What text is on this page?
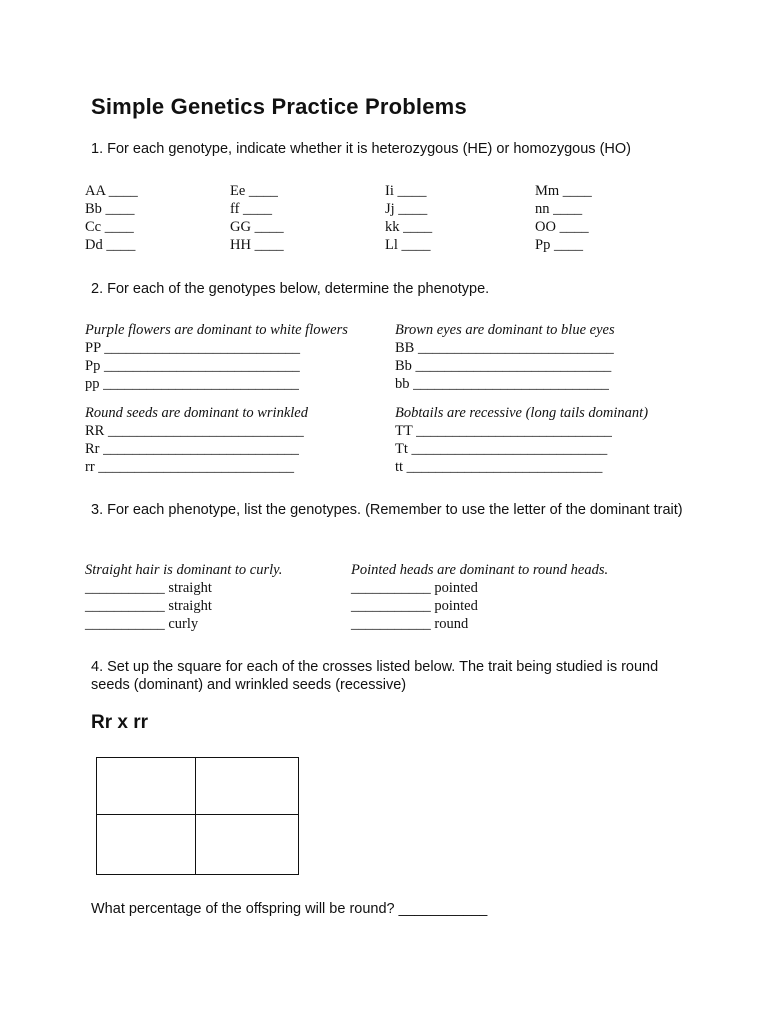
Simple Genetics Practice Problems
1. For each genotype, indicate whether it is heterozygous (HE) or homozygous (HO)
AA ____
Bb ____
Cc ____
Dd ____
Ee ____
ff ____
GG ____
HH ____
Ii ____
Jj ____
kk ____
Ll ____
Mm ____
nn ____
OO ____
Pp ____
2. For each of the genotypes below, determine the phenotype.
Purple flowers are dominant to white flowers
PP ___________________________
Pp ___________________________
pp ___________________________
Brown eyes are dominant to blue eyes
BB ___________________________
Bb ___________________________
bb ___________________________
Round seeds are dominant to wrinkled
RR ___________________________
Rr ___________________________
rr ___________________________
Bobtails are recessive (long tails dominant)
TT ___________________________
Tt ___________________________
tt ___________________________
3. For each phenotype, list the genotypes. (Remember to use the letter of the dominant trait)
Straight hair is dominant to curly.
___________ straight
___________ straight
___________ curly
Pointed heads are dominant to round heads.
___________ pointed
___________ pointed
___________ round
4. Set up the square for each of the crosses listed below. The trait being studied is round seeds (dominant) and wrinkled seeds (recessive)
Rr x rr
What percentage of the offspring will be round? ___________
